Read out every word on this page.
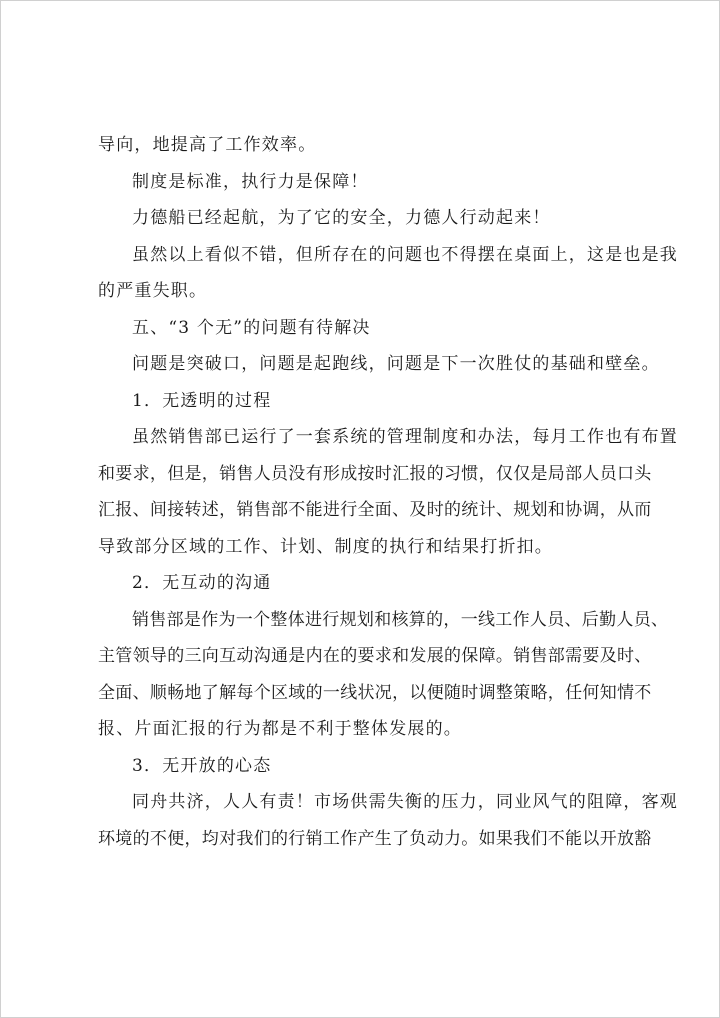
导向，地提高了工作效率。

制度是标准，执行力是保障！

力德船已经起航，为了它的安全，力德人行动起来！

虽然以上看似不错，但所存在的问题也不得摆在桌面上，这是也是我

的严重失职。

五、“3 个无”的问题有待解决

问题是突破口，问题是起跑线，问题是下一次胜仗的基础和壁垒。

1．无透明的过程

虽然销售部已运行了一套系统的管理制度和办法，每月工作也有布置

和要求，但是，销售人员没有形成按时汇报的习惯，仅仅是局部人员口头

汇报、间接转述，销售部不能进行全面、及时的统计、规划和协调，从而

导致部分区域的工作、计划、制度的执行和结果打折扣。

2．无互动的沟通

销售部是作为一个整体进行规划和核算的，一线工作人员、后勤人员、

主管领导的三向互动沟通是内在的要求和发展的保障。销售部需要及时、

全面、顺畅地了解每个区域的一线状况，以便随时调整策略，任何知情不

报、片面汇报的行为都是不利于整体发展的。

3．无开放的心态

同舟共济，人人有责！市场供需失衡的压力，同业风气的阻障，客观

环境的不便，均对我们的行销工作产生了负动力。如果我们不能以开放豁
